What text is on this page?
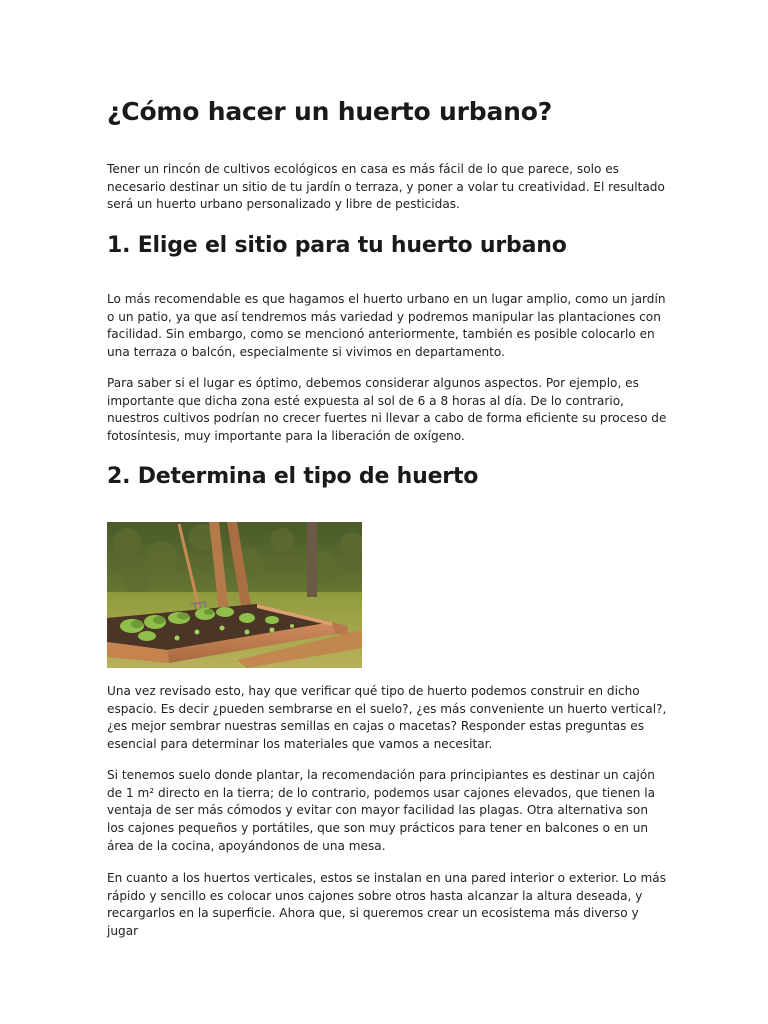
¿Cómo hacer un huerto urbano?

Tener un rincón de cultivos ecológicos en casa es más fácil de lo que parece, solo es necesario destinar un sitio de tu jardín o terraza, y poner a volar tu creatividad. El resultado será un huerto urbano personalizado y libre de pesticidas.

1. Elige el sitio para tu huerto urbano

Lo más recomendable es que hagamos el huerto urbano en un lugar amplio, como un jardín o un patio, ya que así tendremos más variedad y podremos manipular las plantaciones con facilidad. Sin embargo, como se mencionó anteriormente, también es posible colocarlo en una terraza o balcón, especialmente si vivimos en departamento.

Para saber si el lugar es óptimo, debemos considerar algunos aspectos. Por ejemplo, es importante que dicha zona esté expuesta al sol de 6 a 8 horas al día. De lo contrario, nuestros cultivos podrían no crecer fuertes ni llevar a cabo de forma eficiente su proceso de fotosíntesis, muy importante para la liberación de oxígeno.

2. Determina el tipo de huerto

Una vez revisado esto, hay que verificar qué tipo de huerto podemos construir en dicho espacio. Es decir ¿pueden sembrarse en el suelo?, ¿es más conveniente un huerto vertical?, ¿es mejor sembrar nuestras semillas en cajas o macetas? Responder estas preguntas es esencial para determinar los materiales que vamos a necesitar.

Si tenemos suelo donde plantar, la recomendación para principiantes es destinar un cajón de 1 m² directo en la tierra; de lo contrario, podemos usar cajones elevados, que tienen la ventaja de ser más cómodos y evitar con mayor facilidad las plagas. Otra alternativa son los cajones pequeños y portátiles, que son muy prácticos para tener en balcones o en un área de la cocina, apoyándonos de una mesa.

En cuanto a los huertos verticales, estos se instalan en una pared interior o exterior. Lo más rápido y sencillo es colocar unos cajones sobre otros hasta alcanzar la altura deseada, y recargarlos en la superficie. Ahora que, si queremos crear un ecosistema más diverso y jugar
